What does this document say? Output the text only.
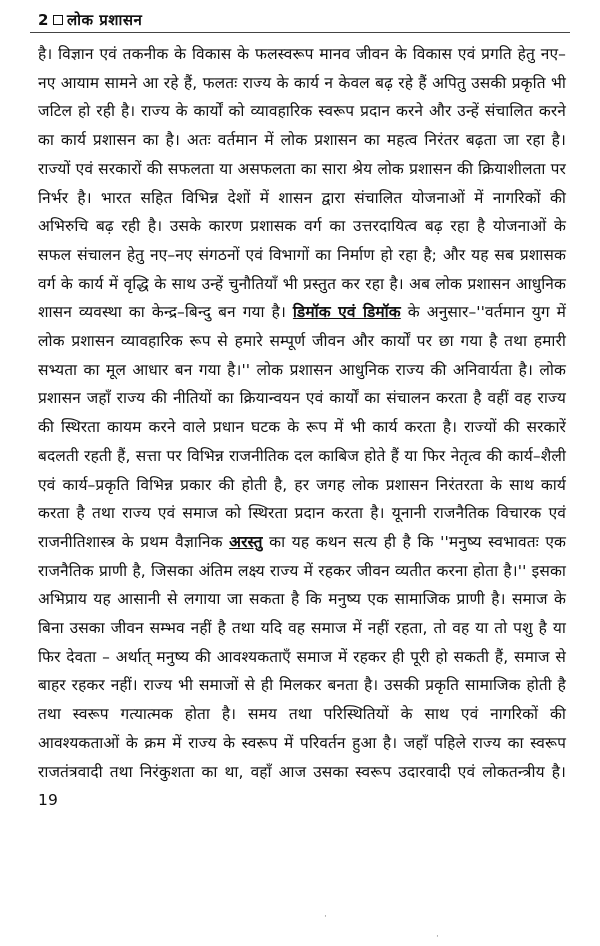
2 लोक प्रशासन

है। विज्ञान एवं तकनीक के विकास के फलस्वरूप मानव जीवन के विकास एवं प्रगति हेतु नए–नए आयाम सामने आ रहे हैं, फलतः राज्य के कार्य न केवल बढ़ रहे हैं अपितु उसकी प्रकृति भी जटिल हो रही है। राज्य के कार्यों को व्यावहारिक स्वरूप प्रदान करने और उन्हें संचालित करने का कार्य प्रशासन का है। अतः वर्तमान में लोक प्रशासन का महत्व निरंतर बढ़ता जा रहा है। राज्यों एवं सरकारों की सफलता या असफलता का सारा श्रेय लोक प्रशासन की क्रियाशीलता पर निर्भर है। भारत सहित विभिन्न देशों में शासन द्वारा संचालित योजनाओं में नागरिकों की अभिरुचि बढ़ रही है। उसके कारण प्रशासक वर्ग का उत्तरदायित्व बढ़ रहा है योजनाओं के सफल संचालन हेतु नए–नए संगठनों एवं विभागों का निर्माण हो रहा है; और यह सब प्रशासक वर्ग के कार्य में वृद्धि के साथ उन्हें चुनौतियाँ भी प्रस्तुत कर रहा है। अब लोक प्रशासन आधुनिक शासन व्यवस्था का केन्द्र–बिन्दु बन गया है। डिमॉक एवं डिमॉक के अनुसार–''वर्तमान युग में लोक प्रशासन व्यावहारिक रूप से हमारे सम्पूर्ण जीवन और कार्यों पर छा गया है तथा हमारी सभ्यता का मूल आधार बन गया है।'' लोक प्रशासन आधुनिक राज्य की अनिवार्यता है। लोक प्रशासन जहाँ राज्य की नीतियों का क्रियान्वयन एवं कार्यों का संचालन करता है वहीं वह राज्य की स्थिरता कायम करने वाले प्रधान घटक के रूप में भी कार्य करता है। राज्यों की सरकारें बदलती रहती हैं, सत्ता पर विभिन्न राजनीतिक दल काबिज होते हैं या फिर नेतृत्व की कार्य–शैली एवं कार्य–प्रकृति विभिन्न प्रकार की होती है, हर जगह लोक प्रशासन निरंतरता के साथ कार्य करता है तथा राज्य एवं समाज को स्थिरता प्रदान करता है। यूनानी राजनैतिक विचारक एवं राजनीतिशास्त्र के प्रथम वैज्ञानिक अरस्तु का यह कथन सत्य ही है कि ''मनुष्य स्वभावतः एक राजनैतिक प्राणी है, जिसका अंतिम लक्ष्य राज्य में रहकर जीवन व्यतीत करना होता है।'' इसका अभिप्राय यह आसानी से लगाया जा सकता है कि मनुष्य एक सामाजिक प्राणी है। समाज के बिना उसका जीवन सम्भव नहीं है तथा यदि वह समाज में नहीं रहता, तो वह या तो पशु है या फिर देवता – अर्थात् मनुष्य की आवश्यकताएँ समाज में रहकर ही पूरी हो सकती हैं, समाज से बाहर रहकर नहीं। राज्य भी समाजों से ही मिलकर बनता है। उसकी प्रकृति सामाजिक होती है तथा स्वरूप गत्यात्मक होता है। समय तथा परिस्थितियों के साथ एवं नागरिकों की आवश्यकताओं के क्रम में राज्य के स्वरूप में परिवर्तन हुआ है। जहाँ पहिले राज्य का स्वरूप राजतंत्रवादी तथा निरंकुशता का था, वहाँ आज उसका स्वरूप उदारवादी एवं लोकतन्त्रीय है। 19

·
·
